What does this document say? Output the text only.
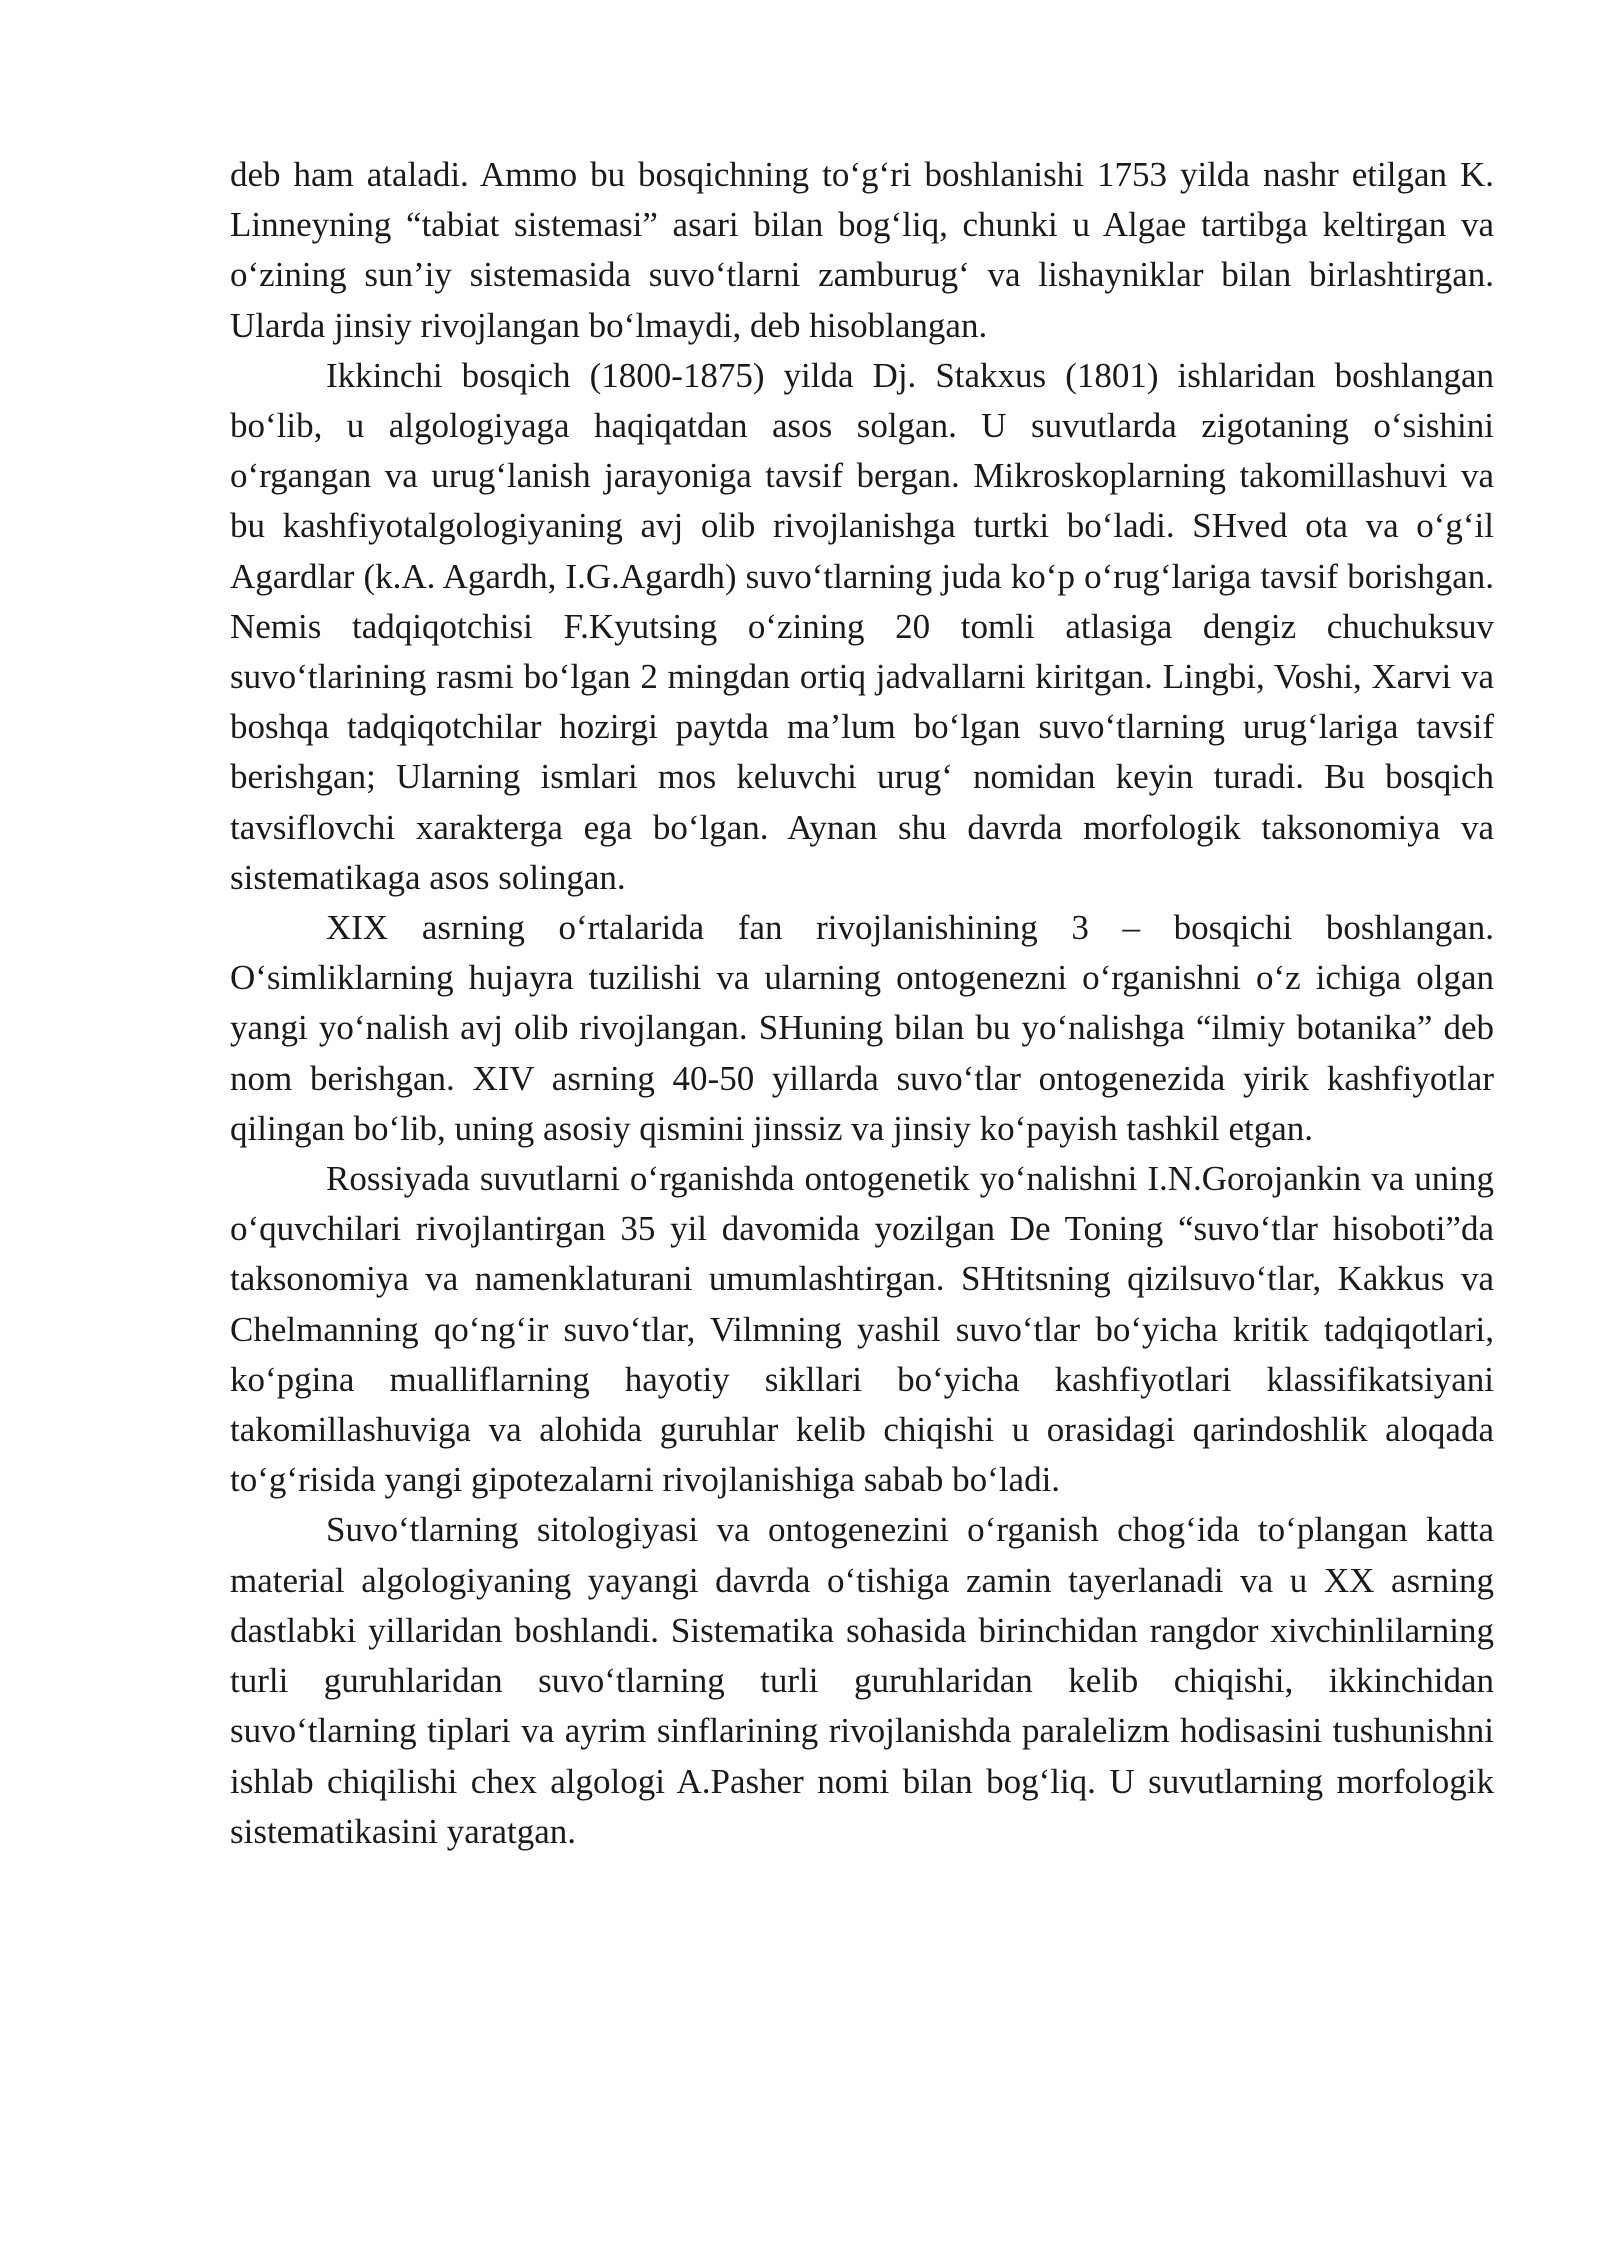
deb ham ataladi. Ammo bu bosqichning to‘g‘ri boshlanishi 1753 yilda nashr etilgan K. Linneyning “tabiat sistemasi” asari bilan bog‘liq, chunki u Algae tartibga keltirgan va o‘zining sun’iy sistemasida suvo‘tlarni zamburug‘ va lishayniklar bilan birlashtirgan. Ularda jinsiy rivojlangan bo‘lmaydi, deb hisoblangan.

Ikkinchi bosqich (1800-1875) yilda Dj. Stakxus (1801) ishlaridan boshlangan bo‘lib, u algologiyaga haqiqatdan asos solgan. U suvutlarda zigotaning o‘sishini o‘rgangan va urug‘lanish jarayoniga tavsif bergan. Mikroskoplarning takomillashuvi va bu kashfiyotalgologiyaning avj olib rivojlanishga turtki bo‘ladi. SHved ota va o‘g‘il Agardlar (k.A. Agardh, I.G.Agardh) suvo‘tlarning juda ko‘p o‘rug‘lariga tavsif borishgan. Nemis tadqiqotchisi F.Kyutsing o‘zining 20 tomli atlasiga dengiz chuchuksuv suvo‘tlarining rasmi bo‘lgan 2 mingdan ortiq jadvallarni kiritgan. Lingbi, Voshi, Xarvi va boshqa tadqiqotchilar hozirgi paytda ma’lum bo‘lgan suvo‘tlarning urug‘lariga tavsif berishgan; Ularning ismlari mos keluvchi urug‘ nomidan keyin turadi. Bu bosqich tavsiflovchi xarakterga ega bo‘lgan. Aynan shu davrda morfologik taksonomiya va sistematikaga asos solingan.

XIX asrning o‘rtalarida fan rivojlanishining 3 – bosqichi boshlangan. O‘simliklarning hujayra tuzilishi va ularning ontogenezni o‘rganishni o‘z ichiga olgan yangi yo‘nalish avj olib rivojlangan. SHuning bilan bu yo‘nalishga “ilmiy botanika” deb nom berishgan. XIV asrning 40-50 yillarda suvo‘tlar ontogenezida yirik kashfiyotlar qilingan bo‘lib, uning asosiy qismini jinssiz va jinsiy ko‘payish tashkil etgan.

Rossiyada suvutlarni o‘rganishda ontogenetik yo‘nalishni I.N.Gorojankin va uning o‘quvchilari rivojlantirgan 35 yil davomida yozilgan De Toning “suvo‘tlar hisoboti”da taksonomiya va namenklaturani umumlashtirgan. SHtitsning qizilsuvo‘tlar, Kakkus va Chelmanning qo‘ng‘ir suvo‘tlar, Vilmning yashil suvo‘tlar bo‘yicha kritik tadqiqotlari, ko‘pgina mualliflarning hayotiy sikllari bo‘yicha kashfiyotlari klassifikatsiyani takomillashuviga va alohida guruhlar kelib chiqishi u orasidagi qarindoshlik aloqada to‘g‘risida yangi gipotezalarni rivojlanishiga sabab bo‘ladi.

Suvo‘tlarning sitologiyasi va ontogenezini o‘rganish chog‘ida to‘plangan katta material algologiyaning yayangi davrda o‘tishiga zamin tayerlanadi va u XX asrning dastlabki yillaridan boshlandi. Sistematika sohasida birinchidan rangdor xivchinlilarning turli guruhlaridan suvo‘tlarning turli guruhlaridan kelib chiqishi, ikkinchidan suvo‘tlarning tiplari va ayrim sinflarining rivojlanishda paralelizm hodisasini tushunishni ishlab chiqilishi chex algologi A.Pasher nomi bilan bog‘liq. U suvutlarning morfologik sistematikasini yaratgan.
